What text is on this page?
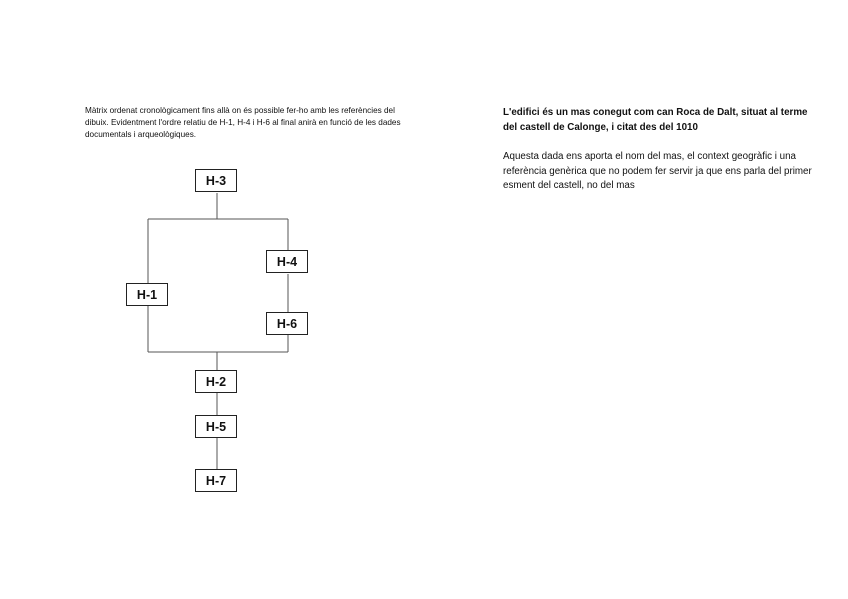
Màtrix ordenat cronològicament fins allà on és possible fer-ho amb les referències del dibuix. Evidentment l'ordre relatiu de H-1, H-4 i H-6 al final anirà en funció de les dades documentals i arqueològiques.

L'edifici és un mas conegut com can Roca de Dalt, situat al terme del castell de Calonge, i citat des del 1010

Aquesta dada ens aporta el nom del mas, el context geogràfic i una referència genèrica que no podem fer servir ja que ens parla del primer esment del castell, no del mas

H-3
H-4
H-1
H-6
H-2
H-5
H-7
